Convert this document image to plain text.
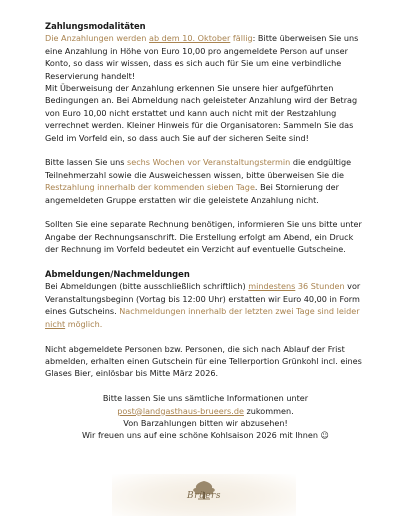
Zahlungsmodalitäten

Die Anzahlungen werden ab dem 10. Oktober fällig: Bitte überweisen Sie uns eine Anzahlung in Höhe von Euro 10,00 pro angemeldete Person auf unser Konto, so dass wir wissen, dass es sich auch für Sie um eine verbindliche Reservierung handelt!

Mit Überweisung der Anzahlung erkennen Sie unsere hier aufgeführten Bedingungen an. Bei Abmeldung nach geleisteter Anzahlung wird der Betrag von Euro 10,00 nicht erstattet und kann auch nicht mit der Restzahlung verrechnet werden. Kleiner Hinweis für die Organisatoren: Sammeln Sie das Geld im Vorfeld ein, so dass auch Sie auf der sicheren Seite sind!

Bitte lassen Sie uns sechs Wochen vor Veranstaltungstermin die endgültige Teilnehmerzahl sowie die Ausweichessen wissen, bitte überweisen Sie die Restzahlung innerhalb der kommenden sieben Tage. Bei Stornierung der angemeldeten Gruppe erstatten wir die geleistete Anzahlung nicht.

Sollten Sie eine separate Rechnung benötigen, informieren Sie uns bitte unter Angabe der Rechnungsanschrift. Die Erstellung erfolgt am Abend, ein Druck der Rechnung im Vorfeld bedeutet ein Verzicht auf eventuelle Gutscheine.

Abmeldungen/Nachmeldungen

Bei Abmeldungen (bitte ausschließlich schriftlich) mindestens 36 Stunden vor Veranstaltungsbeginn (Vortag bis 12:00 Uhr) erstatten wir Euro 40,00 in Form eines Gutscheins. Nachmeldungen innerhalb der letzten zwei Tage sind leider nicht möglich.

Nicht abgemeldete Personen bzw. Personen, die sich nach Ablauf der Frist abmelden, erhalten einen Gutschein für eine Tellerportion Grünkohl incl. eines Glases Bier, einlösbar bis Mitte März 2026.

Bitte lassen Sie uns sämtliche Informationen unter

post@landgasthaus-brueers.de zukommen.

Von Barzahlungen bitten wir abzusehen!

Wir freuen uns auf eine schöne Kohlsaison 2026 mit Ihnen ☺

Brüers
